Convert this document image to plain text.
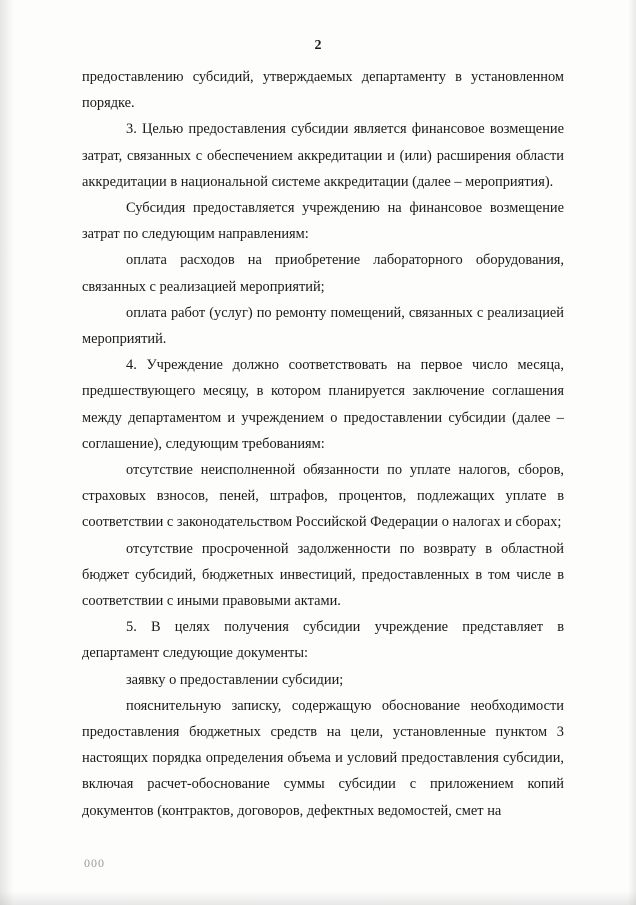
2

предоставлению субсидий, утверждаемых департаменту в установленном порядке.

3. Целью предоставления субсидии является финансовое возмещение затрат, связанных с обеспечением аккредитации и (или) расширения области аккредитации в национальной системе аккредитации (далее – мероприятия).

Субсидия предоставляется учреждению на финансовое возмещение затрат по следующим направлениям:

оплата расходов на приобретение лабораторного оборудования, связанных с реализацией мероприятий;

оплата работ (услуг) по ремонту помещений, связанных с реализацией мероприятий.

4. Учреждение должно соответствовать на первое число месяца, предшествующего месяцу, в котором планируется заключение соглашения между департаментом и учреждением о предоставлении субсидии (далее – соглашение), следующим требованиям:

отсутствие неисполненной обязанности по уплате налогов, сборов, страховых взносов, пеней, штрафов, процентов, подлежащих уплате в соответствии с законодательством Российской Федерации о налогах и сборах;

отсутствие просроченной задолженности по возврату в областной бюджет субсидий, бюджетных инвестиций, предоставленных в том числе в соответствии с иными правовыми актами.

5. В целях получения субсидии учреждение представляет в департамент следующие документы:

заявку о предоставлении субсидии;

пояснительную записку, содержащую обоснование необходимости предоставления бюджетных средств на цели, установленные пунктом 3 настоящих порядка определения объема и условий предоставления субсидии, включая расчет-обоснование суммы субсидии с приложением копий документов (контрактов, договоров, дефектных ведомостей, смет на

000
